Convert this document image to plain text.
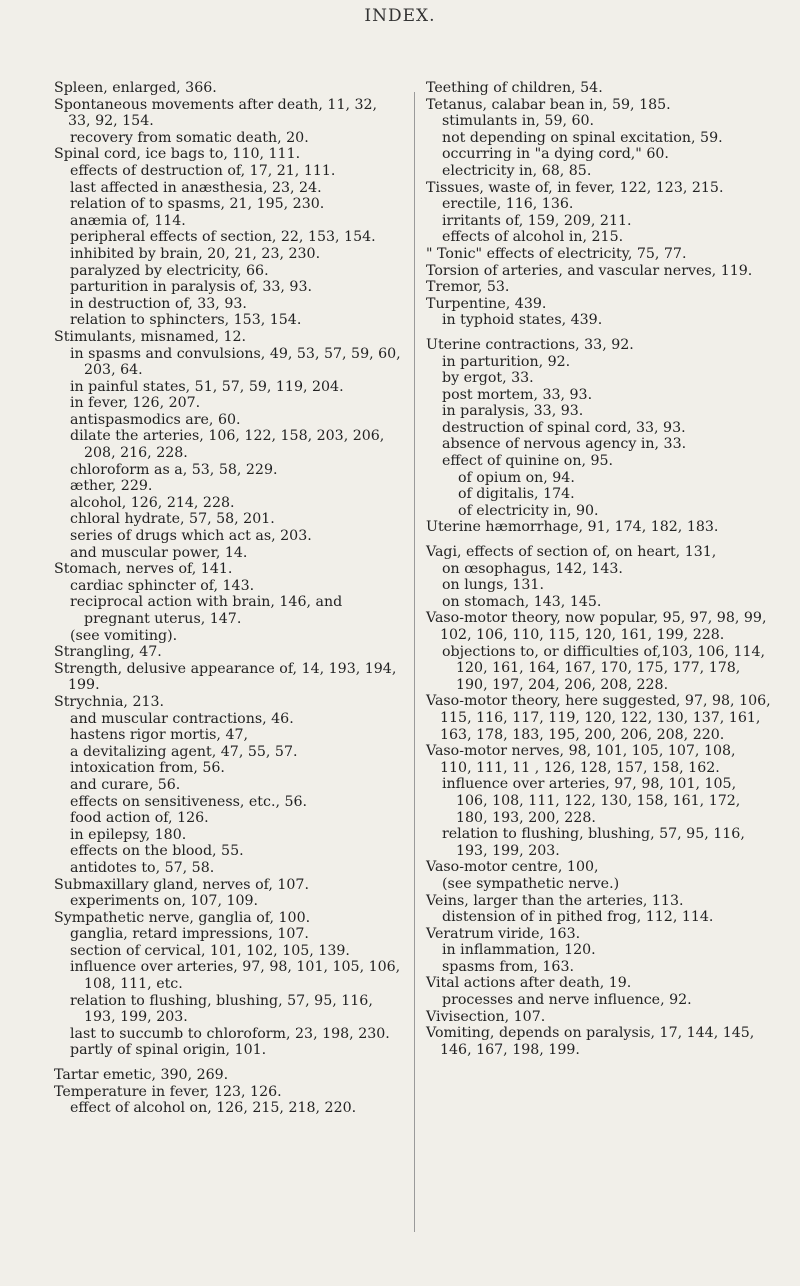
INDEX.

Spleen, enlarged, 366.

Spontaneous movements after death, 11, 32, 33, 92, 154.

recovery from somatic death, 20.

Spinal cord, ice bags to, 110, 111.

effects of destruction of, 17, 21, 111.

last affected in anæsthesia, 23, 24.

relation of to spasms, 21, 195, 230.

anæmia of, 114.

peripheral effects of section, 22, 153, 154.

inhibited by brain, 20, 21, 23, 230.

paralyzed by electricity, 66.

parturition in paralysis of, 33, 93.

in destruction of, 33, 93.

relation to sphincters, 153, 154.

Stimulants, misnamed, 12.

in spasms and convulsions, 49, 53, 57, 59, 60, 203, 64.

in painful states, 51, 57, 59, 119, 204.

in fever, 126, 207.

antispasmodics are, 60.

dilate the arteries, 106, 122, 158, 203, 206, 208, 216, 228.

chloroform as a, 53, 58, 229.

æther, 229.

alcohol, 126, 214, 228.

chloral hydrate, 57, 58, 201.

series of drugs which act as, 203.

and muscular power, 14.

Stomach, nerves of, 141.

cardiac sphincter of, 143.

reciprocal action with brain, 146, and pregnant uterus, 147.

(see vomiting).

Strangling, 47.

Strength, delusive appearance of, 14, 193, 194, 199.

Strychnia, 213.

and muscular contractions, 46.

hastens rigor mortis, 47,

a devitalizing agent, 47, 55, 57.

intoxication from, 56.

and curare, 56.

effects on sensitiveness, etc., 56.

food action of, 126.

in epilepsy, 180.

effects on the blood, 55.

antidotes to, 57, 58.

Submaxillary gland, nerves of, 107.

experiments on, 107, 109.

Sympathetic nerve, ganglia of, 100.

ganglia, retard impressions, 107.

section of cervical, 101, 102, 105, 139.

influence over arteries, 97, 98, 101, 105, 106, 108, 111, etc.

relation to flushing, blushing, 57, 95, 116, 193, 199, 203.

last to succumb to chloroform, 23, 198, 230.

partly of spinal origin, 101.

Tartar emetic, 390, 269.

Temperature in fever, 123, 126.

effect of alcohol on, 126, 215, 218, 220.

Teething of children, 54.

Tetanus, calabar bean in, 59, 185.

stimulants in, 59, 60.

not depending on spinal excitation, 59.

occurring in "a dying cord," 60.

electricity in, 68, 85.

Tissues, waste of, in fever, 122, 123, 215.

erectile, 116, 136.

irritants of, 159, 209, 211.

effects of alcohol in, 215.

" Tonic" effects of electricity, 75, 77.

Torsion of arteries, and vascular nerves, 119.

Tremor, 53.

Turpentine, 439.

in typhoid states, 439.

Uterine contractions, 33, 92.

in parturition, 92.

by ergot, 33.

post mortem, 33, 93.

in paralysis, 33, 93.

destruction of spinal cord, 33, 93.

absence of nervous agency in, 33.

effect of quinine on, 95.

of opium on, 94.

of digitalis, 174.

of electricity in, 90.

Uterine hæmorrhage, 91, 174, 182, 183.

Vagi, effects of section of, on heart, 131,

on œsophagus, 142, 143.

on lungs, 131.

on stomach, 143, 145.

Vaso-motor theory, now popular, 95, 97, 98, 99, 102, 106, 110, 115, 120, 161, 199, 228.

objections to, or difficulties of,103, 106, 114, 120, 161, 164, 167, 170, 175, 177, 178, 190, 197, 204, 206, 208, 228.

Vaso-motor theory, here suggested, 97, 98, 106, 115, 116, 117, 119, 120, 122, 130, 137, 161, 163, 178, 183, 195, 200, 206, 208, 220.

Vaso-motor nerves, 98, 101, 105, 107, 108, 110, 111, 11 , 126, 128, 157, 158, 162.

influence over arteries, 97, 98, 101, 105, 106, 108, 111, 122, 130, 158, 161, 172, 180, 193, 200, 228.

relation to flushing, blushing, 57, 95, 116, 193, 199, 203.

Vaso-motor centre, 100,

(see sympathetic nerve.)

Veins, larger than the arteries, 113.

distension of in pithed frog, 112, 114.

Veratrum viride, 163.

in inflammation, 120.

spasms from, 163.

Vital actions after death, 19.

processes and nerve influence, 92.

Vivisection, 107.

Vomiting, depends on paralysis, 17, 144, 145, 146, 167, 198, 199.
